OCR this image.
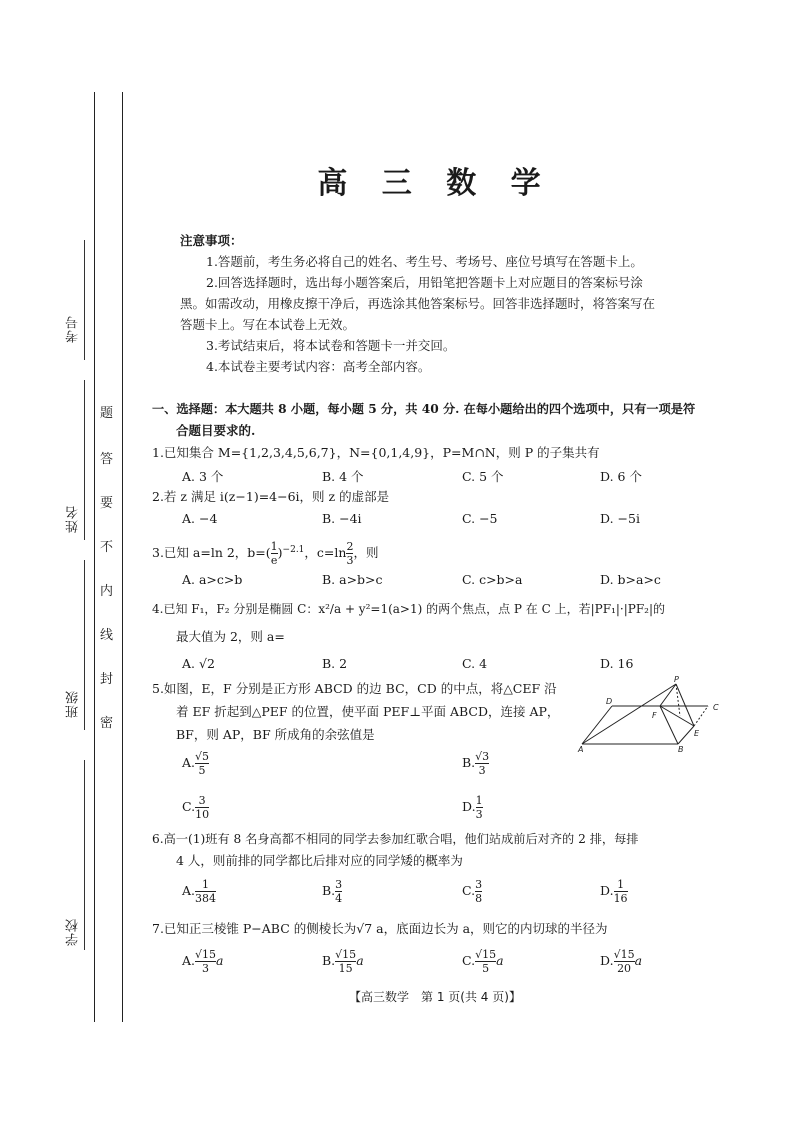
考号
姓名
班级
学校
题
答
要
不
内
线
封
密
高 三 数 学
注意事项：
1.答题前，考生务必将自己的姓名、考生号、考场号、座位号填写在答题卡上。
2.回答选择题时，选出每小题答案后，用铅笔把答题卡上对应题目的答案标号涂
黑。如需改动，用橡皮擦干净后，再选涂其他答案标号。回答非选择题时，将答案写在
答题卡上。写在本试卷上无效。
3.考试结束后，将本试卷和答题卡一并交回。
4.本试卷主要考试内容：高考全部内容。
一、选择题：本大题共 8 小题，每小题 5 分，共 40 分. 在每小题给出的四个选项中，只有一项是符
合题目要求的.
1.已知集合 M={1,2,3,4,5,6,7}，N={0,1,4,9}，P=M∩N，则 P 的子集共有
A. 3 个	B. 4 个	C. 5 个	D. 6 个
2.若 z 满足 i(z−1)=4−6i，则 z 的虚部是
A. −4	B. −4i	C. −5	D. −5i
3.已知 a=ln 2，$b=( \frac{1}{e} )^{-2.1}$，$c=\ln \frac{2}{3}$ ，则
A. a>c>b	B. a>b>c	C. c>b>a	D. b>a>c
4.已知 F₁，F₂ 分别是椭圆 C：x²/a + y²=1(a>1) 的两个焦点，点 P 在 C 上，若|PF₁|·|PF₂|的
最大值为 2，则 a=
A. √2	B. 2	C. 4	D. 16
5.如图，E，F 分别是正方形 ABCD 的边 BC，CD 的中点，将△CEF 沿
着 EF 折起到△PEF 的位置，使平面 PEF⊥平面 ABCD，连接 AP，
BF，则 AP，BF 所成角的余弦值是
P
D
F
C
E
A	B
A. $\frac{√5}{5}$	B. $\frac{√3}{3}$
C. $\frac{3}{10}$	D. $\frac{1}{3}$
6.高一(1)班有 8 名身高都不相同的同学去参加红歌合唱，他们站成前后对齐的 2 排，每排
4 人，则前排的同学都比后排对应的同学矮的概率为
A. $\frac{1}{384}$	B. $\frac{3}{4}$	C. $\frac{3}{8}$	D. $\frac{1}{16}$
7.已知正三棱锥 P−ABC 的侧棱长为√7 a，底面边长为 a，则它的内切球的半径为
A. $\frac{√15}{3}$ a	B. $\frac{√15}{15}$ a	C. $\frac{√15}{5}$ a	D. $\frac{√15}{20}$ a
【高三数学　第 1 页(共 4 页)】
